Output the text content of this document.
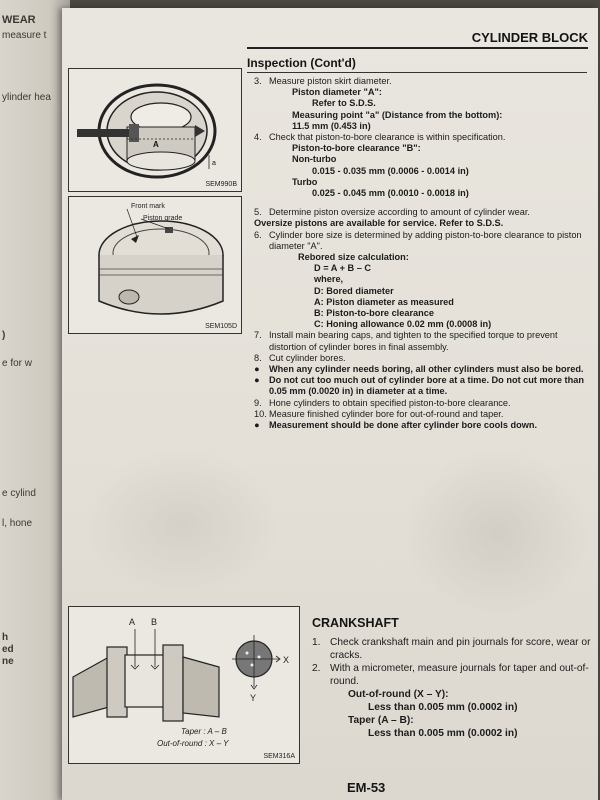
WEAR
measure t
ylinder hea
)
e for w
e cylind
l, hone
h
ed
ne
CYLINDER BLOCK
Inspection (Cont'd)
A
a
SEM990B
Front mark
Piston grade
SEM105D
3. Measure piston skirt diameter.
Piston diameter "A":
Refer to S.D.S.
Measuring point "a" (Distance from the bottom):
11.5 mm (0.453 in)
4. Check that piston-to-bore clearance is within specification.
Piston-to-bore clearance "B":
Non-turbo
0.015 - 0.035 mm (0.0006 - 0.0014 in)
Turbo
0.025 - 0.045 mm (0.0010 - 0.0018 in)
5. Determine piston oversize according to amount of cylinder wear.
Oversize pistons are available for service. Refer to S.D.S.
6. Cylinder bore size is determined by adding piston-to-bore clearance to piston diameter "A".
Rebored size calculation:
D = A + B – C
where,
D: Bored diameter
A: Piston diameter as measured
B: Piston-to-bore clearance
C: Honing allowance 0.02 mm (0.0008 in)
7. Install main bearing caps, and tighten to the specified torque to prevent distortion of cylinder bores in final assembly.
8. Cut cylinder bores.
●	When any cylinder needs boring, all other cylinders must also be bored.
●	Do not cut too much out of cylinder bore at a time. Do not cut more than 0.05 mm (0.0020 in) in diameter at a time.
9. Hone cylinders to obtain specified piston-to-bore clearance.
10. Measure finished cylinder bore for out-of-round and taper.
●	Measurement should be done after cylinder bore cools down.
A B
X
Y
Taper : A – B
Out-of-round : X – Y
SEM316A
CRANKSHAFT
1. Check crankshaft main and pin journals for score, wear or cracks.
2. With a micrometer, measure journals for taper and out-of-round.
Out-of-round (X – Y):
Less than 0.005 mm (0.0002 in)
Taper (A – B):
Less than 0.005 mm (0.0002 in)
EM-53
